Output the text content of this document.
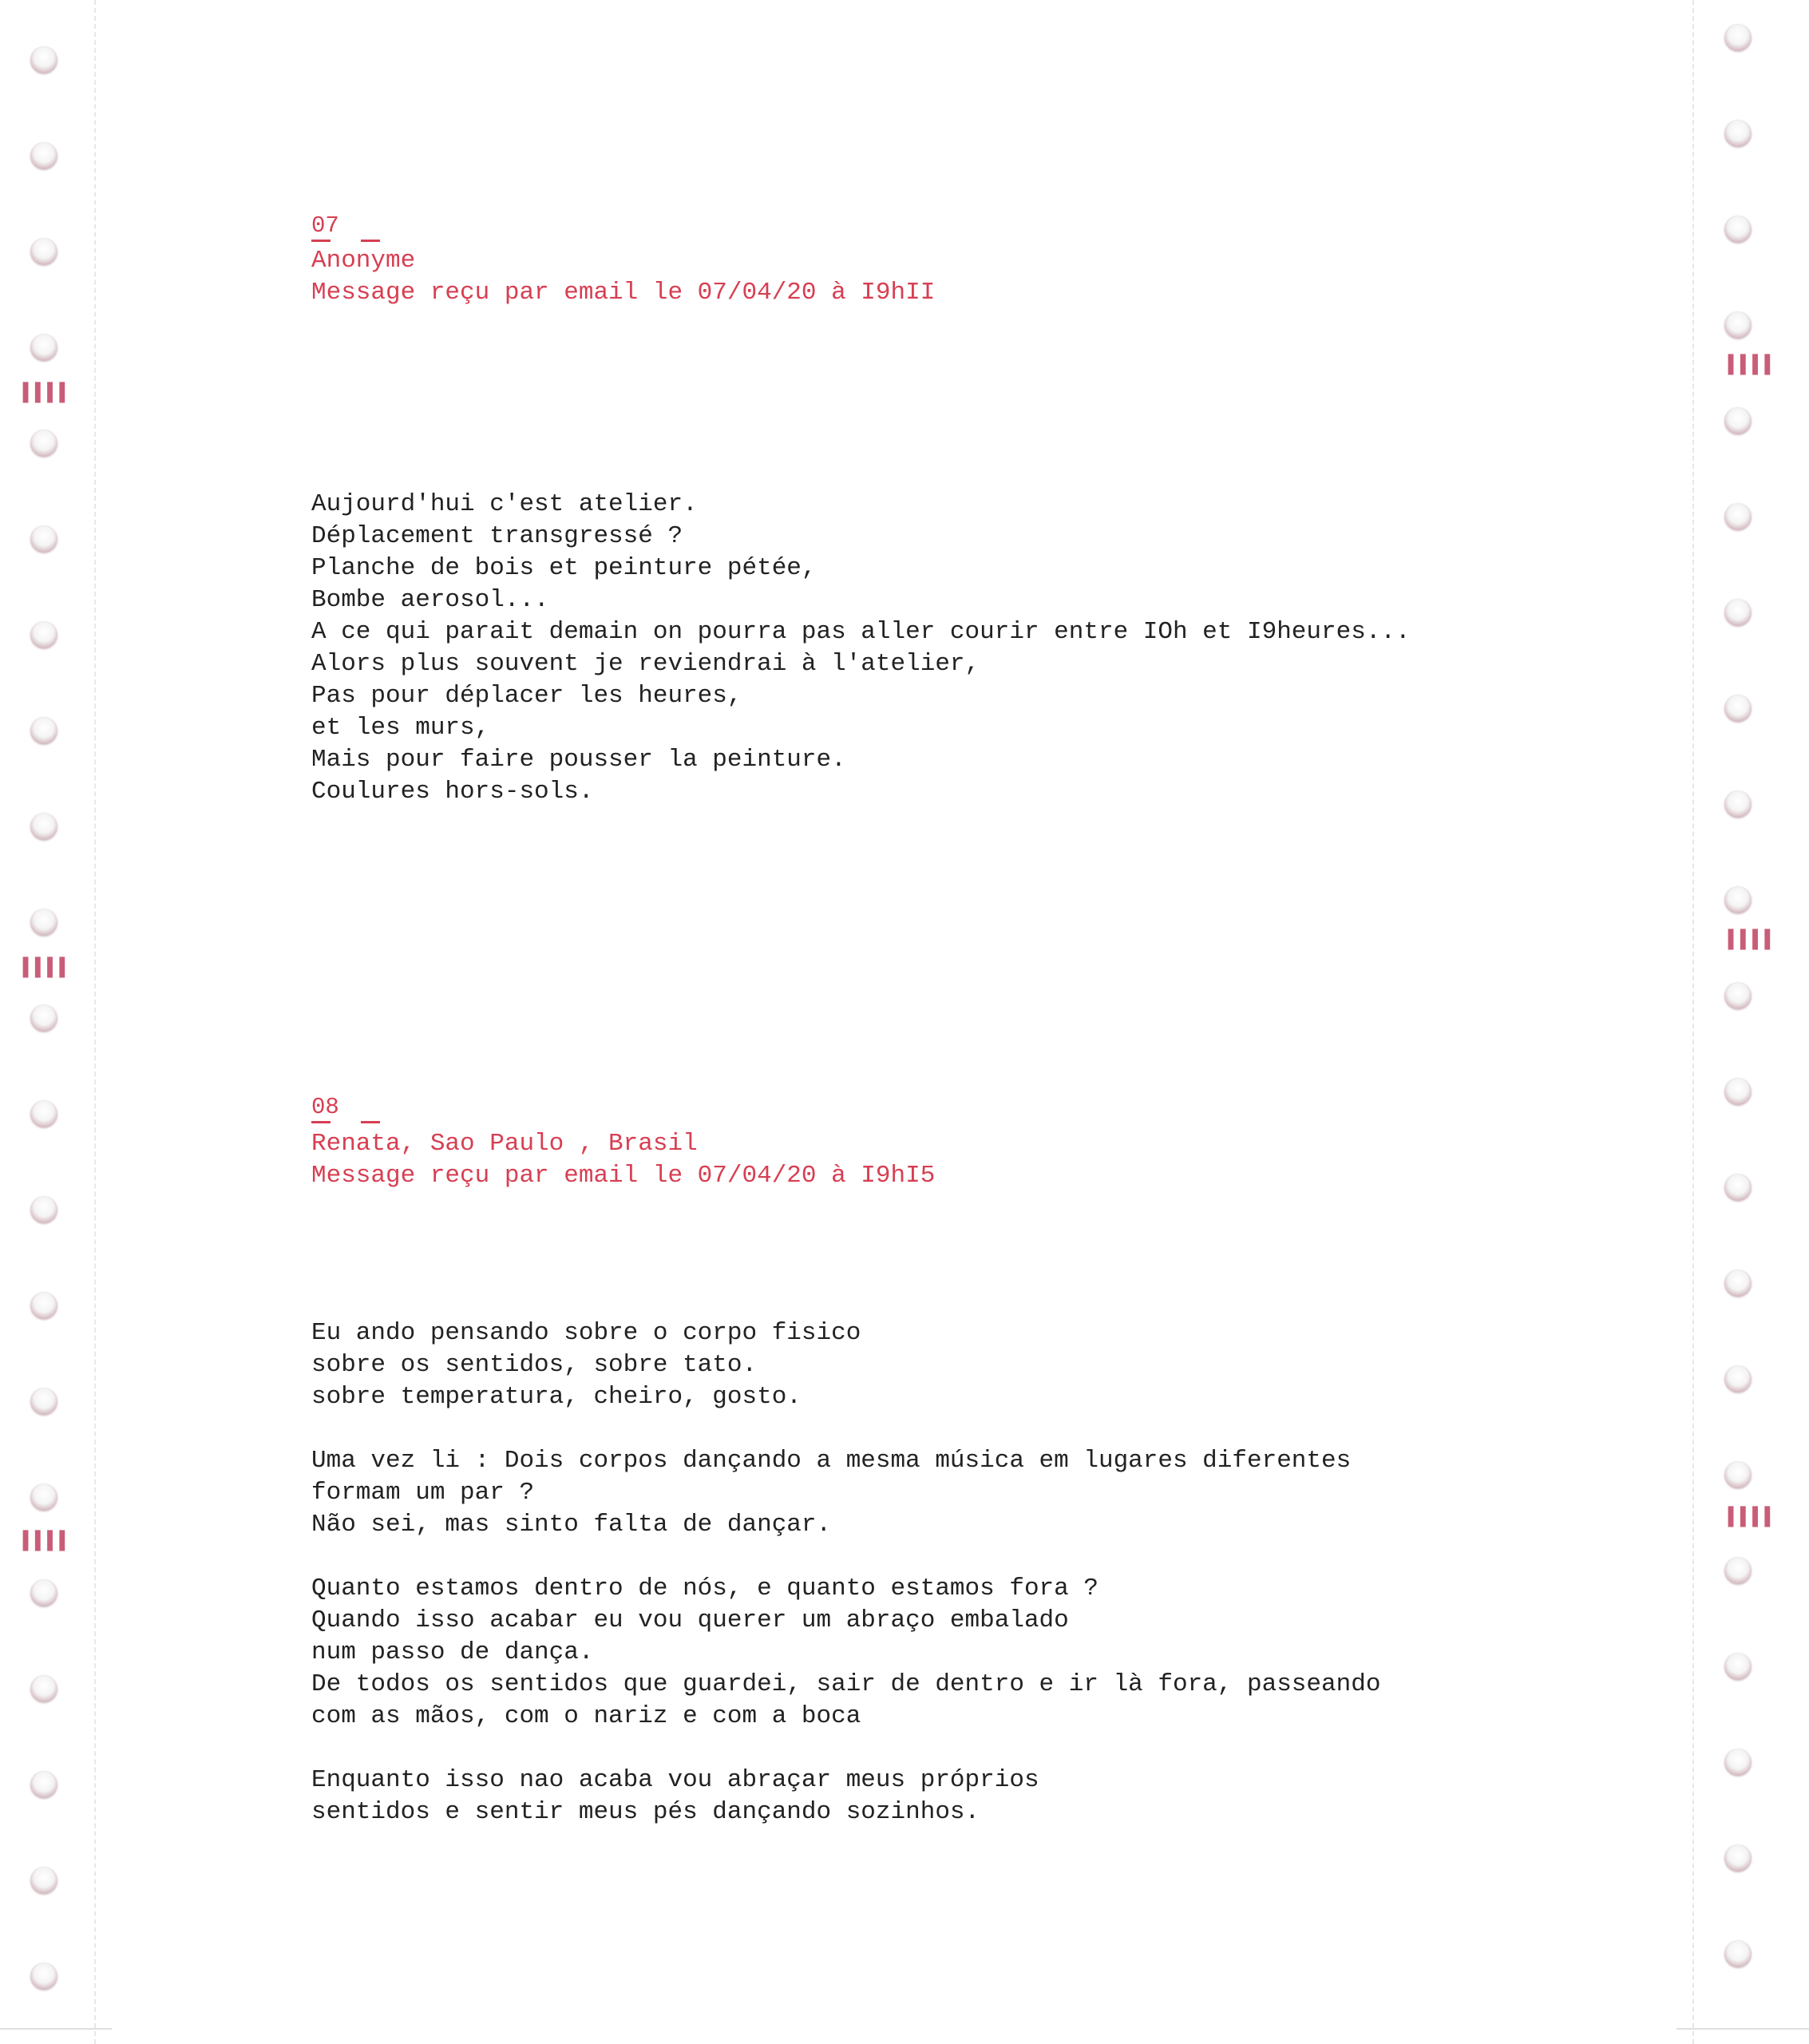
▐▐▐▐
▐▐▐▐
▐▐▐▐
▐▐▐▐
▐▐▐▐
▐▐▐▐
07
Anonyme
Message reçu par email le 07/04/20 à I9hII
Aujourd'hui c'est atelier.
Déplacement transgressé ?
Planche de bois et peinture pétée,
Bombe aerosol...
A ce qui parait demain on pourra pas aller courir entre IOh et I9heures...
Alors plus souvent je reviendrai à l'atelier,
Pas pour déplacer les heures,
et les murs,
Mais pour faire pousser la peinture.
Coulures hors-sols.
08
Renata, Sao Paulo , Brasil
Message reçu par email le 07/04/20 à I9hI5
Eu ando pensando sobre o corpo fisico
sobre os sentidos, sobre tato.
sobre temperatura, cheiro, gosto.

Uma vez li : Dois corpos dançando a mesma música em lugares diferentes
formam um par ?
Não sei, mas sinto falta de dançar.

Quanto estamos dentro de nós, e quanto estamos fora ?
Quando isso acabar eu vou querer um abraço embalado
num passo de dança.
De todos os sentidos que guardei, sair de dentro e ir là fora, passeando
com as mãos, com o nariz e com a boca

Enquanto isso nao acaba vou abraçar meus próprios
sentidos e sentir meus pés dançando sozinhos.
